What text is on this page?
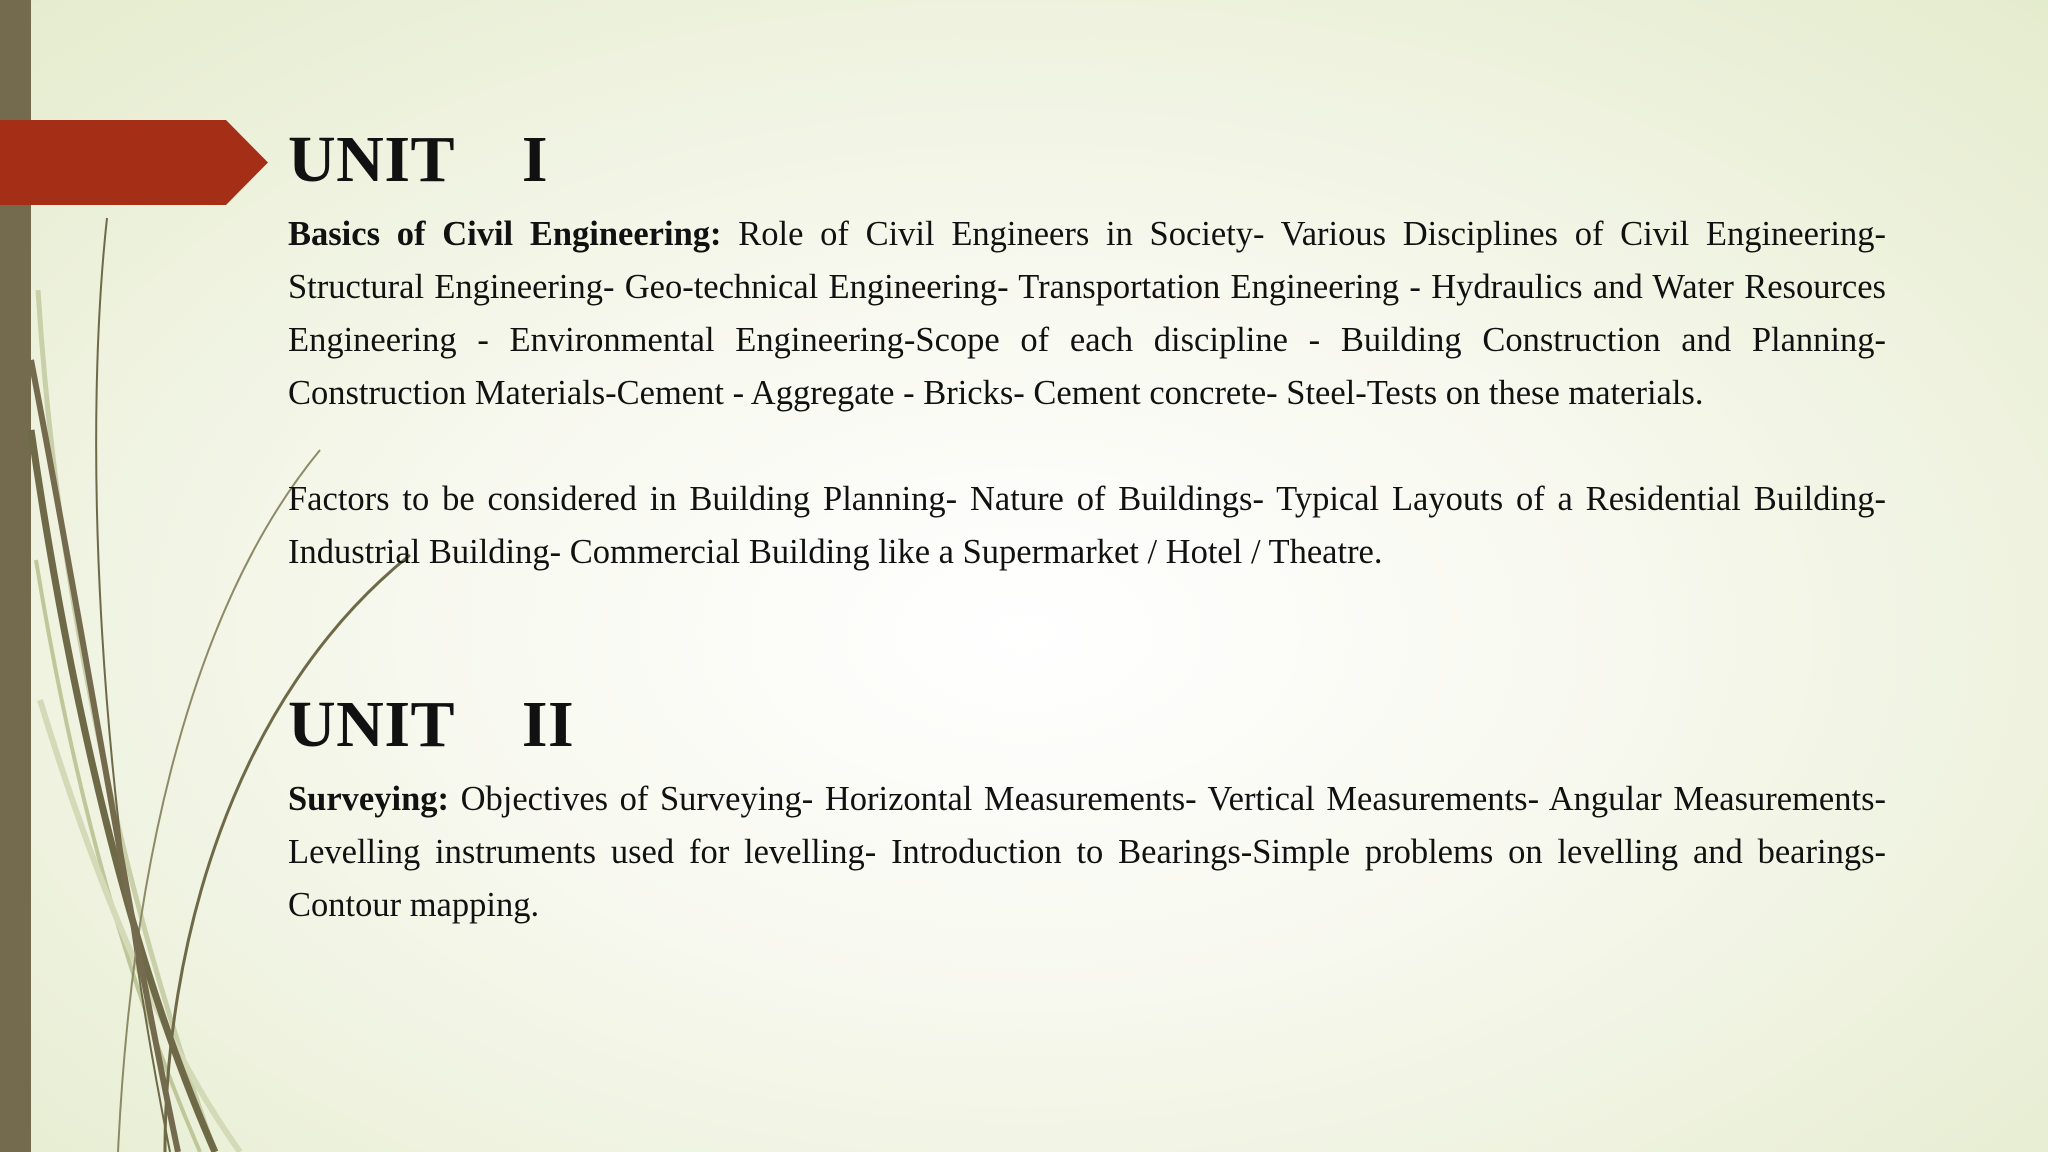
UNIT    I

Basics of Civil Engineering: Role of Civil Engineers in Society- Various Disciplines of Civil Engineering- Structural Engineering- Geo-technical Engineering- Transportation Engineering - Hydraulics and Water Resources Engineering - Environmental Engineering-Scope of each discipline - Building Construction and Planning- Construction Materials-Cement - Aggregate - Bricks- Cement concrete- Steel-Tests on these materials.

Factors to be considered in Building Planning- Nature of Buildings- Typical Layouts of a Residential Building- Industrial Building- Commercial Building like a Supermarket / Hotel / Theatre.

UNIT    II

Surveying: Objectives of Surveying- Horizontal Measurements- Vertical Measurements- Angular Measurements- Levelling instruments used for levelling- Introduction to Bearings-Simple problems on levelling and bearings-Contour mapping.
